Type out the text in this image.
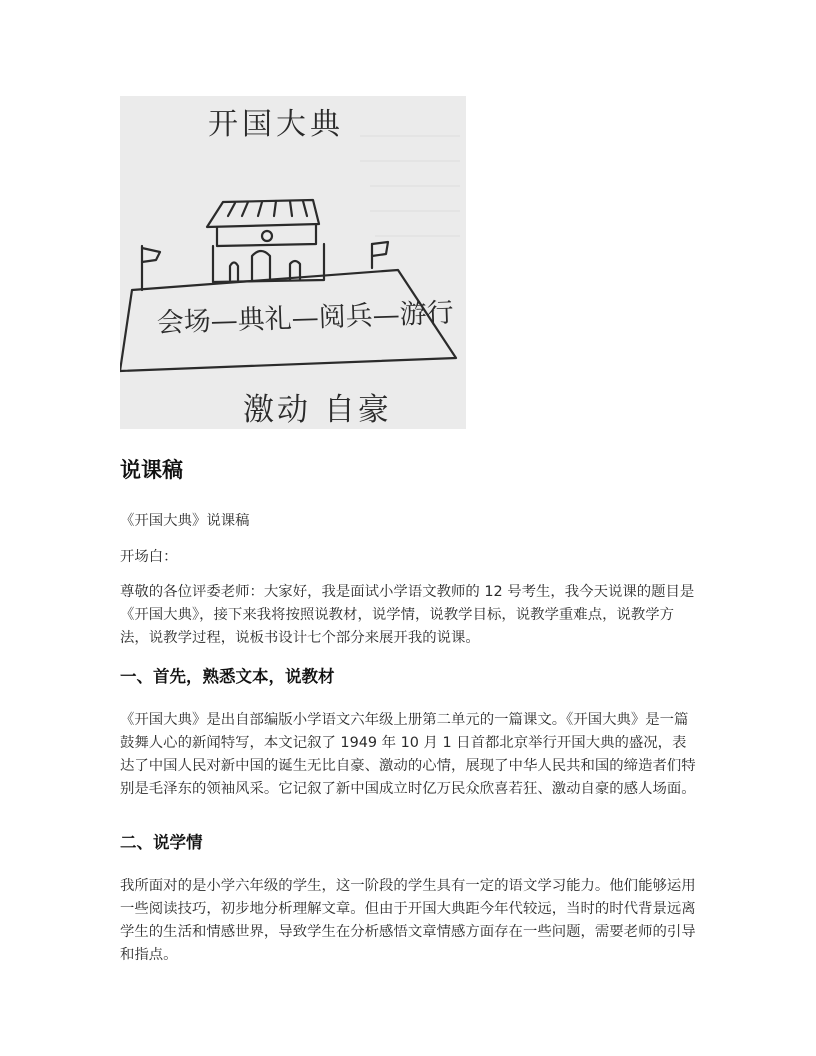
开国大典
会场—典礼—阅兵—游行
激动 自豪
说课稿

《开国大典》说课稿

开场白：

尊敬的各位评委老师：大家好，我是面试小学语文教师的 12 号考生，我今天说课的题目是《开国大典》，接下来我将按照说教材，说学情，说教学目标，说教学重难点，说教学方法，说教学过程，说板书设计七个部分来展开我的说课。

一、首先，熟悉文本，说教材

《开国大典》是出自部编版小学语文六年级上册第二单元的一篇课文。《开国大典》是一篇鼓舞人心的新闻特写，本文记叙了 1949 年 10 月 1 日首都北京举行开国大典的盛况，表达了中国人民对新中国的诞生无比自豪、激动的心情，展现了中华人民共和国的缔造者们特别是毛泽东的领袖风采。它记叙了新中国成立时亿万民众欣喜若狂、激动自豪的感人场面。

二、说学情

我所面对的是小学六年级的学生，这一阶段的学生具有一定的语文学习能力。他们能够运用一些阅读技巧，初步地分析理解文章。但由于开国大典距今年代较远，当时的时代背景远离学生的生活和情感世界，导致学生在分析感悟文章情感方面存在一些问题，需要老师的引导和指点。
